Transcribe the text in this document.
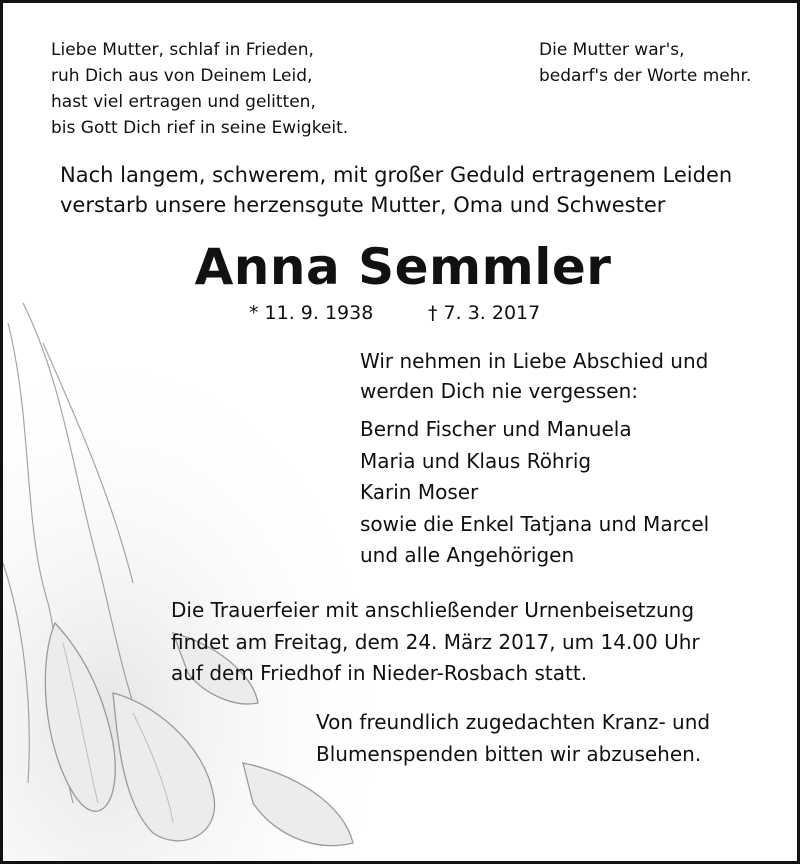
Liebe Mutter, schlaf in Frieden,
ruh Dich aus von Deinem Leid,
hast viel ertragen und gelitten,
bis Gott Dich rief in seine Ewigkeit.
Die Mutter war's,
bedarf's der Worte mehr.
Nach langem, schwerem, mit großer Geduld ertragenem Leiden
verstarb unsere herzensgute Mutter, Oma und Schwester
Anna Semmler
* 11. 9. 1938	† 7. 3. 2017
Wir nehmen in Liebe Abschied und
werden Dich nie vergessen:
Bernd Fischer und Manuela
Maria und Klaus Röhrig
Karin Moser
sowie die Enkel Tatjana und Marcel
und alle Angehörigen
Die Trauerfeier mit anschließender Urnenbeisetzung
findet am Freitag, dem 24. März 2017, um 14.00 Uhr
auf dem Friedhof in Nieder-Rosbach statt.
Von freundlich zugedachten Kranz- und
Blumenspenden bitten wir abzusehen.
